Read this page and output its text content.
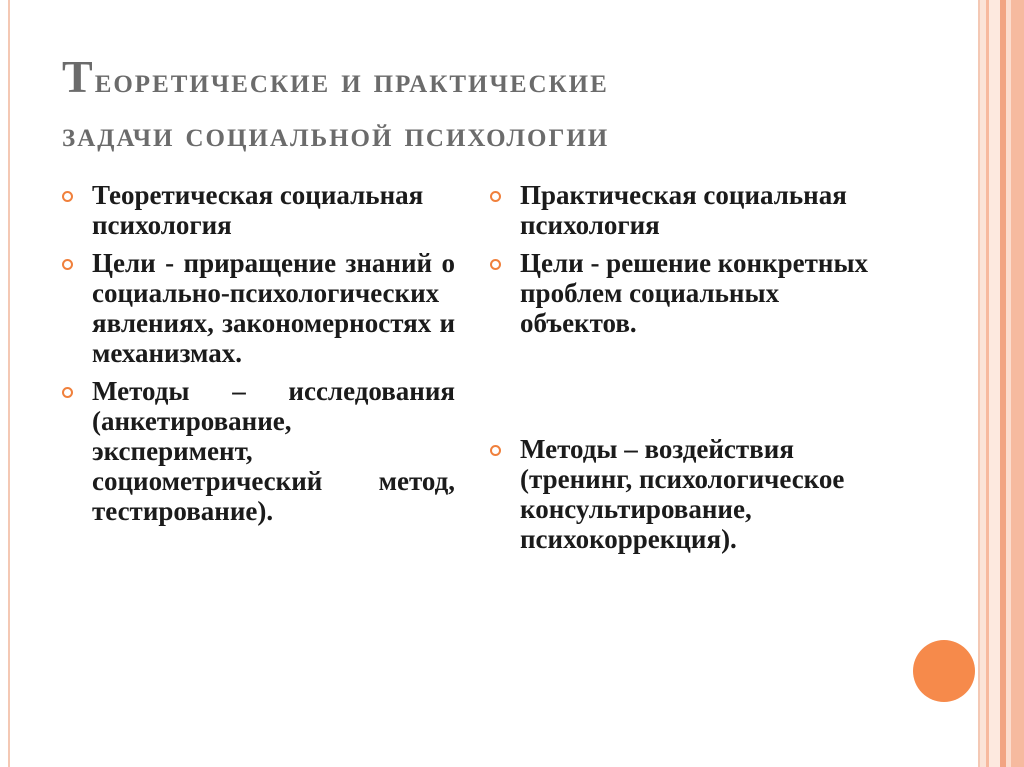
Теоретические и практические
задачи социальной психологии
Теоретическая социальная психология
Цели - приращение знаний о социально-психологических явлениях, закономерностях и механизмах.
Методы – исследования (анкетирование, эксперимент, социометрический метод, тестирование).
Практическая социальная психология
Цели - решение конкретных проблем социальных объектов.
Методы – воздействия (тренинг, психологическое консультирование, психокоррекция).
